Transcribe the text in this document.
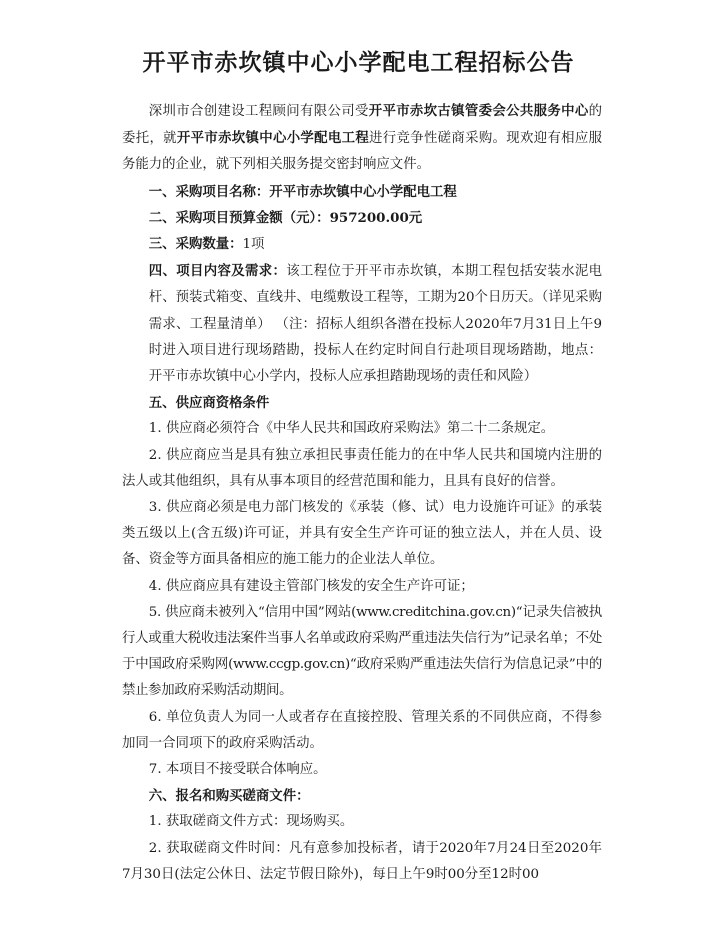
开平市赤坎镇中心小学配电工程招标公告

深圳市合创建设工程顾问有限公司受开平市赤坎古镇管委会公共服务中心的委托，就开平市赤坎镇中心小学配电工程进行竞争性磋商采购。现欢迎有相应服务能力的企业，就下列相关服务提交密封响应文件。

一、采购项目名称：开平市赤坎镇中心小学配电工程

二、采购项目预算金额（元）：957200.00元

三、采购数量：1项

四、项目内容及需求：该工程位于开平市赤坎镇，本期工程包括安装水泥电杆、预装式箱变、直线井、电缆敷设工程等，工期为20个日历天。（详见采购需求、工程量清单） （注：招标人组织各潜在投标人2020年7月31日上午9时进入项目进行现场踏勘，投标人在约定时间自行赴项目现场踏勘，地点：开平市赤坎镇中心小学内，投标人应承担踏勘现场的责任和风险）

五、供应商资格条件

1. 供应商必须符合《中华人民共和国政府采购法》第二十二条规定。

2. 供应商应当是具有独立承担民事责任能力的在中华人民共和国境内注册的法人或其他组织，具有从事本项目的经营范围和能力，且具有良好的信誉。

3. 供应商必须是电力部门核发的《承装（修、试）电力设施许可证》的承装类五级以上(含五级)许可证，并具有安全生产许可证的独立法人，并在人员、设备、资金等方面具备相应的施工能力的企业法人单位。

4. 供应商应具有建设主管部门核发的安全生产许可证；

5. 供应商未被列入“信用中国”网站(www.creditchina.gov.cn)“记录失信被执行人或重大税收违法案件当事人名单或政府采购严重违法失信行为”记录名单；不处于中国政府采购网(www.ccgp.gov.cn)“政府采购严重违法失信行为信息记录”中的禁止参加政府采购活动期间。

6. 单位负责人为同一人或者存在直接控股、管理关系的不同供应商，不得参加同一合同项下的政府采购活动。

7. 本项目不接受联合体响应。

六、报名和购买磋商文件：

1. 获取磋商文件方式：现场购买。

2. 获取磋商文件时间：凡有意参加投标者，请于2020年7月24日至2020年7月30日(法定公休日、法定节假日除外)，每日上午9时00分至12时00
